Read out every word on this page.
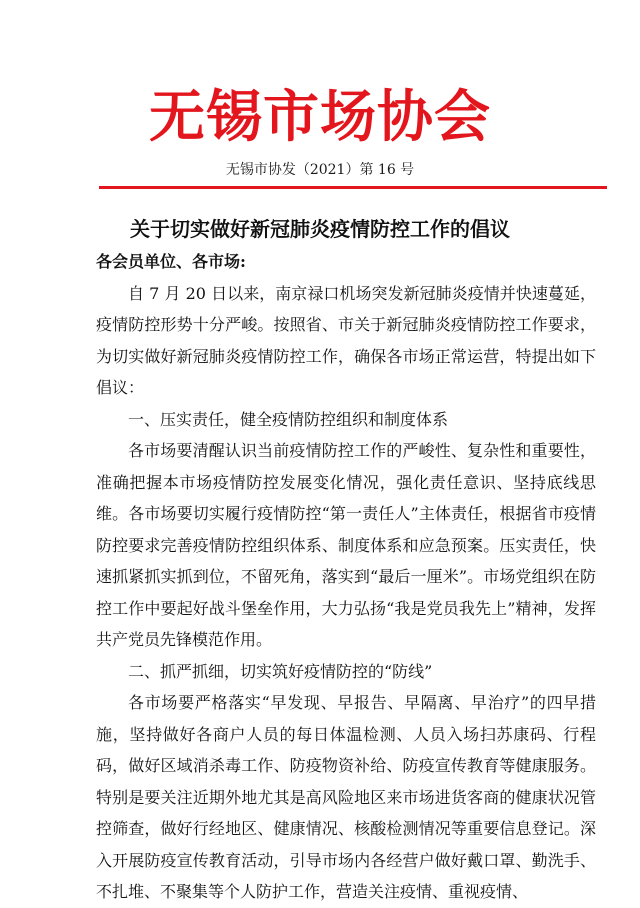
无锡市场协会
无锡市协发（2021）第 16 号
关于切实做好新冠肺炎疫情防控工作的倡议

各会员单位、各市场:

自 7 月 20 日以来，南京禄口机场突发新冠肺炎疫情并快速蔓延，疫情防控形势十分严峻。按照省、市关于新冠肺炎疫情防控工作要求，为切实做好新冠肺炎疫情防控工作，确保各市场正常运营，特提出如下倡议：

一、压实责任，健全疫情防控组织和制度体系

各市场要清醒认识当前疫情防控工作的严峻性、复杂性和重要性，准确把握本市场疫情防控发展变化情况，强化责任意识、坚持底线思维。各市场要切实履行疫情防控“第一责任人”主体责任，根据省市疫情防控要求完善疫情防控组织体系、制度体系和应急预案。压实责任，快速抓紧抓实抓到位，不留死角，落实到“最后一厘米”。市场党组织在防控工作中要起好战斗堡垒作用，大力弘扬“我是党员我先上”精神，发挥共产党员先锋模范作用。

二、抓严抓细，切实筑好疫情防控的“防线”

各市场要严格落实“早发现、早报告、早隔离、早治疗”的四早措施，坚持做好各商户人员的每日体温检测、人员入场扫苏康码、行程码，做好区域消杀毒工作、防疫物资补给、防疫宣传教育等健康服务。特别是要关注近期外地尤其是高风险地区来市场进货客商的健康状况管控筛查，做好行经地区、健康情况、核酸检测情况等重要信息登记。深入开展防疫宣传教育活动，引导市场内各经营户做好戴口罩、勤洗手、不扎堆、不聚集等个人防护工作，营造关注疫情、重视疫情、
